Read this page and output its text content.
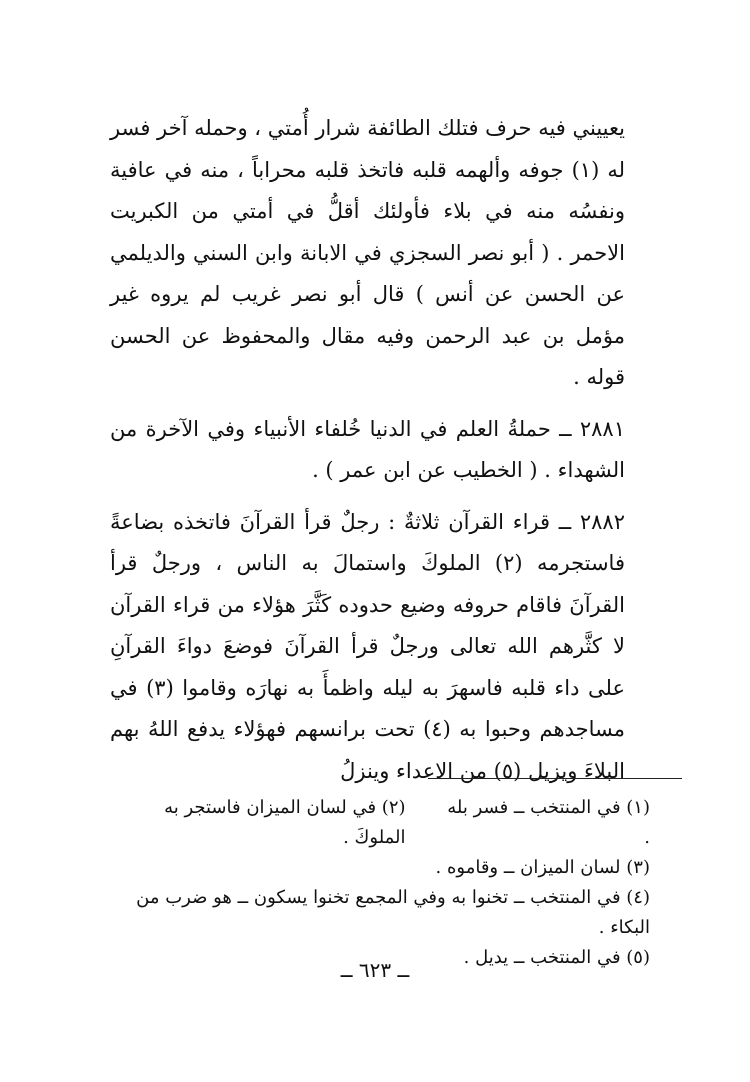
يعييني فيه حرف فتلك الطائفة شرار أُمتي ، وحمله آخر فسر له (١) جوفه وألهمه قلبه فاتخذ قلبه محراباً ، منه في عافية ونفسُه منه في بلاء فأولئك أقلُّ في أمتي من الكبريت الاحمر . ( أبو نصر السجزي في الابانة وابن السني والديلمي عن الحسن عن أنس ) قال أبو نصر غريب لم يروه غير مؤمل بن عبد الرحمن وفيه مقال والمحفوظ عن الحسن قوله .

٢٨٨١ ــ حملةُ العلم في الدنيا خُلفاء الأنبياء وفي الآخرة من الشهداء . ( الخطيب عن ابن عمر ) .

٢٨٨٢ ــ قراء القرآن ثلاثةٌ : رجلٌ قرأ القرآنَ فاتخذه بضاعةً فاستجرمه (٢) الملوكَ واستمالَ به الناس ، ورجلٌ قرأ القرآنَ فاقام حروفه وضيع حدوده كَثَّرَ هؤلاء من قراء القرآن لا كثَّرهم الله تعالى ورجلٌ قرأ القرآنَ فوضعَ دواءَ القرآنِ على داء قلبه فاسهرَ به ليله واظمأَ به نهارَه وقاموا (٣) في مساجدهم وحبوا به (٤) تحت برانسهم فهؤلاء يدفع اللهُ بهم البلاءَ ويزيل (٥) من الاعداء وينزلُ

(١) في المنتخب ــ فسر بله .
(٢) في لسان الميزان فاستجر به الملوكَ .
(٣) لسان الميزان ــ وقاموه .
(٤) في المنتخب ــ تخنوا به وفي المجمع تخنوا يسكون ــ هو ضرب من البكاء .
(٥) في المنتخب ــ يديل .
ــ ٦٢٣ ــ
